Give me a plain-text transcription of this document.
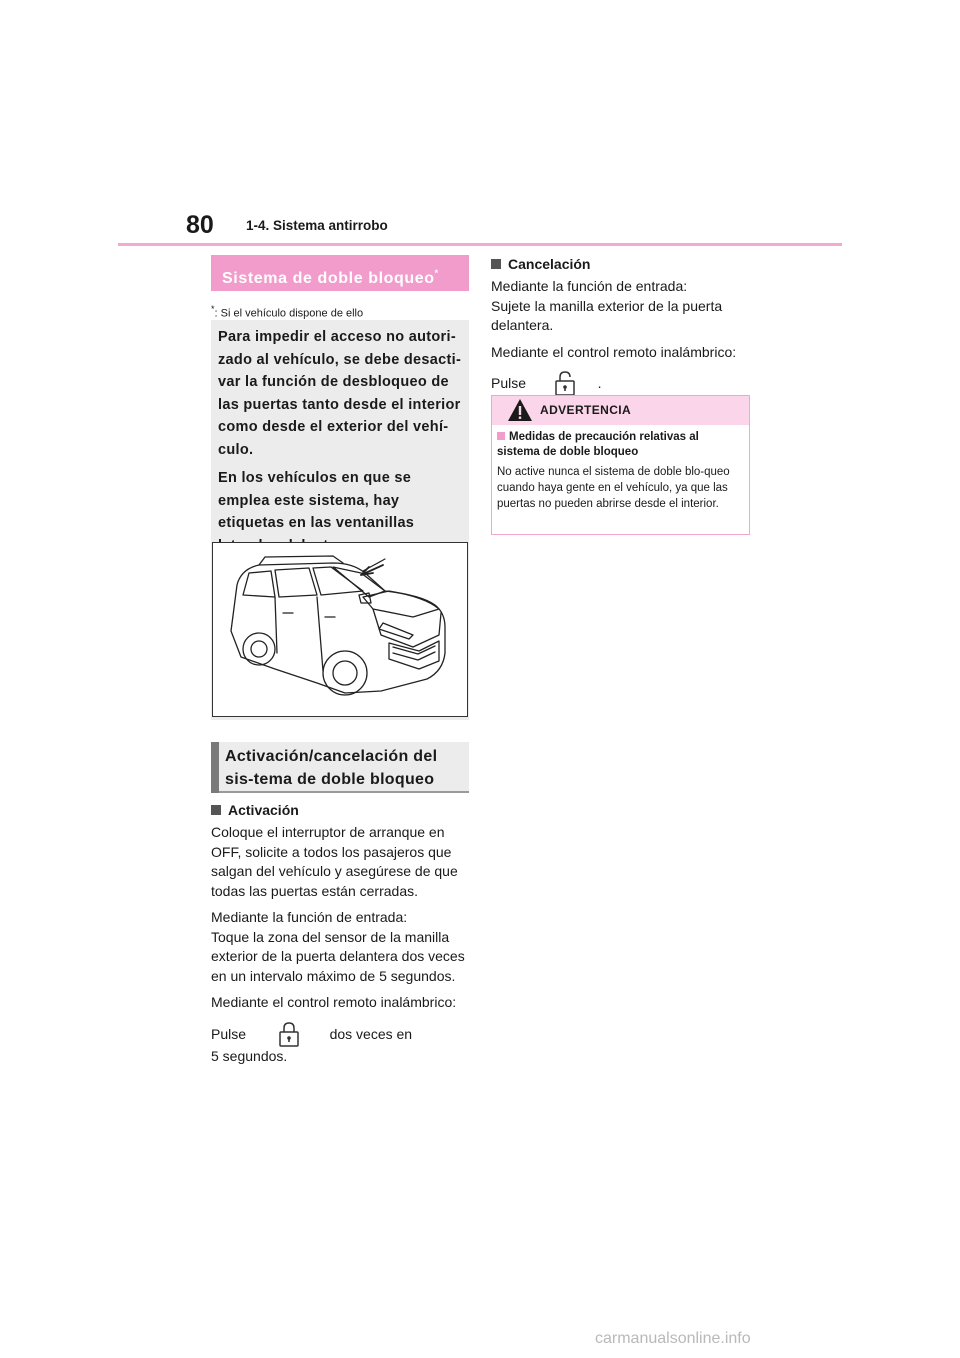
80 1-4. Sistema antirrobo
Sistema de doble bloqueo*
*: Si el vehículo dispone de ello

Para impedir el acceso no autori-zado al vehículo, se debe desacti-var la función de desbloqueo de las puertas tanto desde el interior como desde el exterior del vehí-culo.

En los vehículos en que se emplea este sistema, hay etiquetas en las ventanillas

Activación/cancelación del sis-tema de doble bloqueo
Activación

Coloque el interruptor de arranque en OFF, solicite a todos los pasajeros que salgan del vehículo y asegúrese de que todas las puertas están cerradas.

Mediante la función de entrada:
Toque la zona del sensor de la manilla exterior de la puerta delantera dos veces en un intervalo máximo de 5 segundos.

Mediante el control remoto inalámbrico:

Pulse	dos veces en
5 segundos.

Cancelación

Mediante la función de entrada:
Sujete la manilla exterior de la puerta delantera.

Mediante el control remoto inalámbrico:

Pulse	.

ADVERTENCIA
Medidas de precaución relativas al sistema de doble bloqueo
No active nunca el sistema de doble blo-queo cuando haya gente en el vehículo, ya que las puertas no pueden abrirse desde el interior.
carmanualsonline.info
